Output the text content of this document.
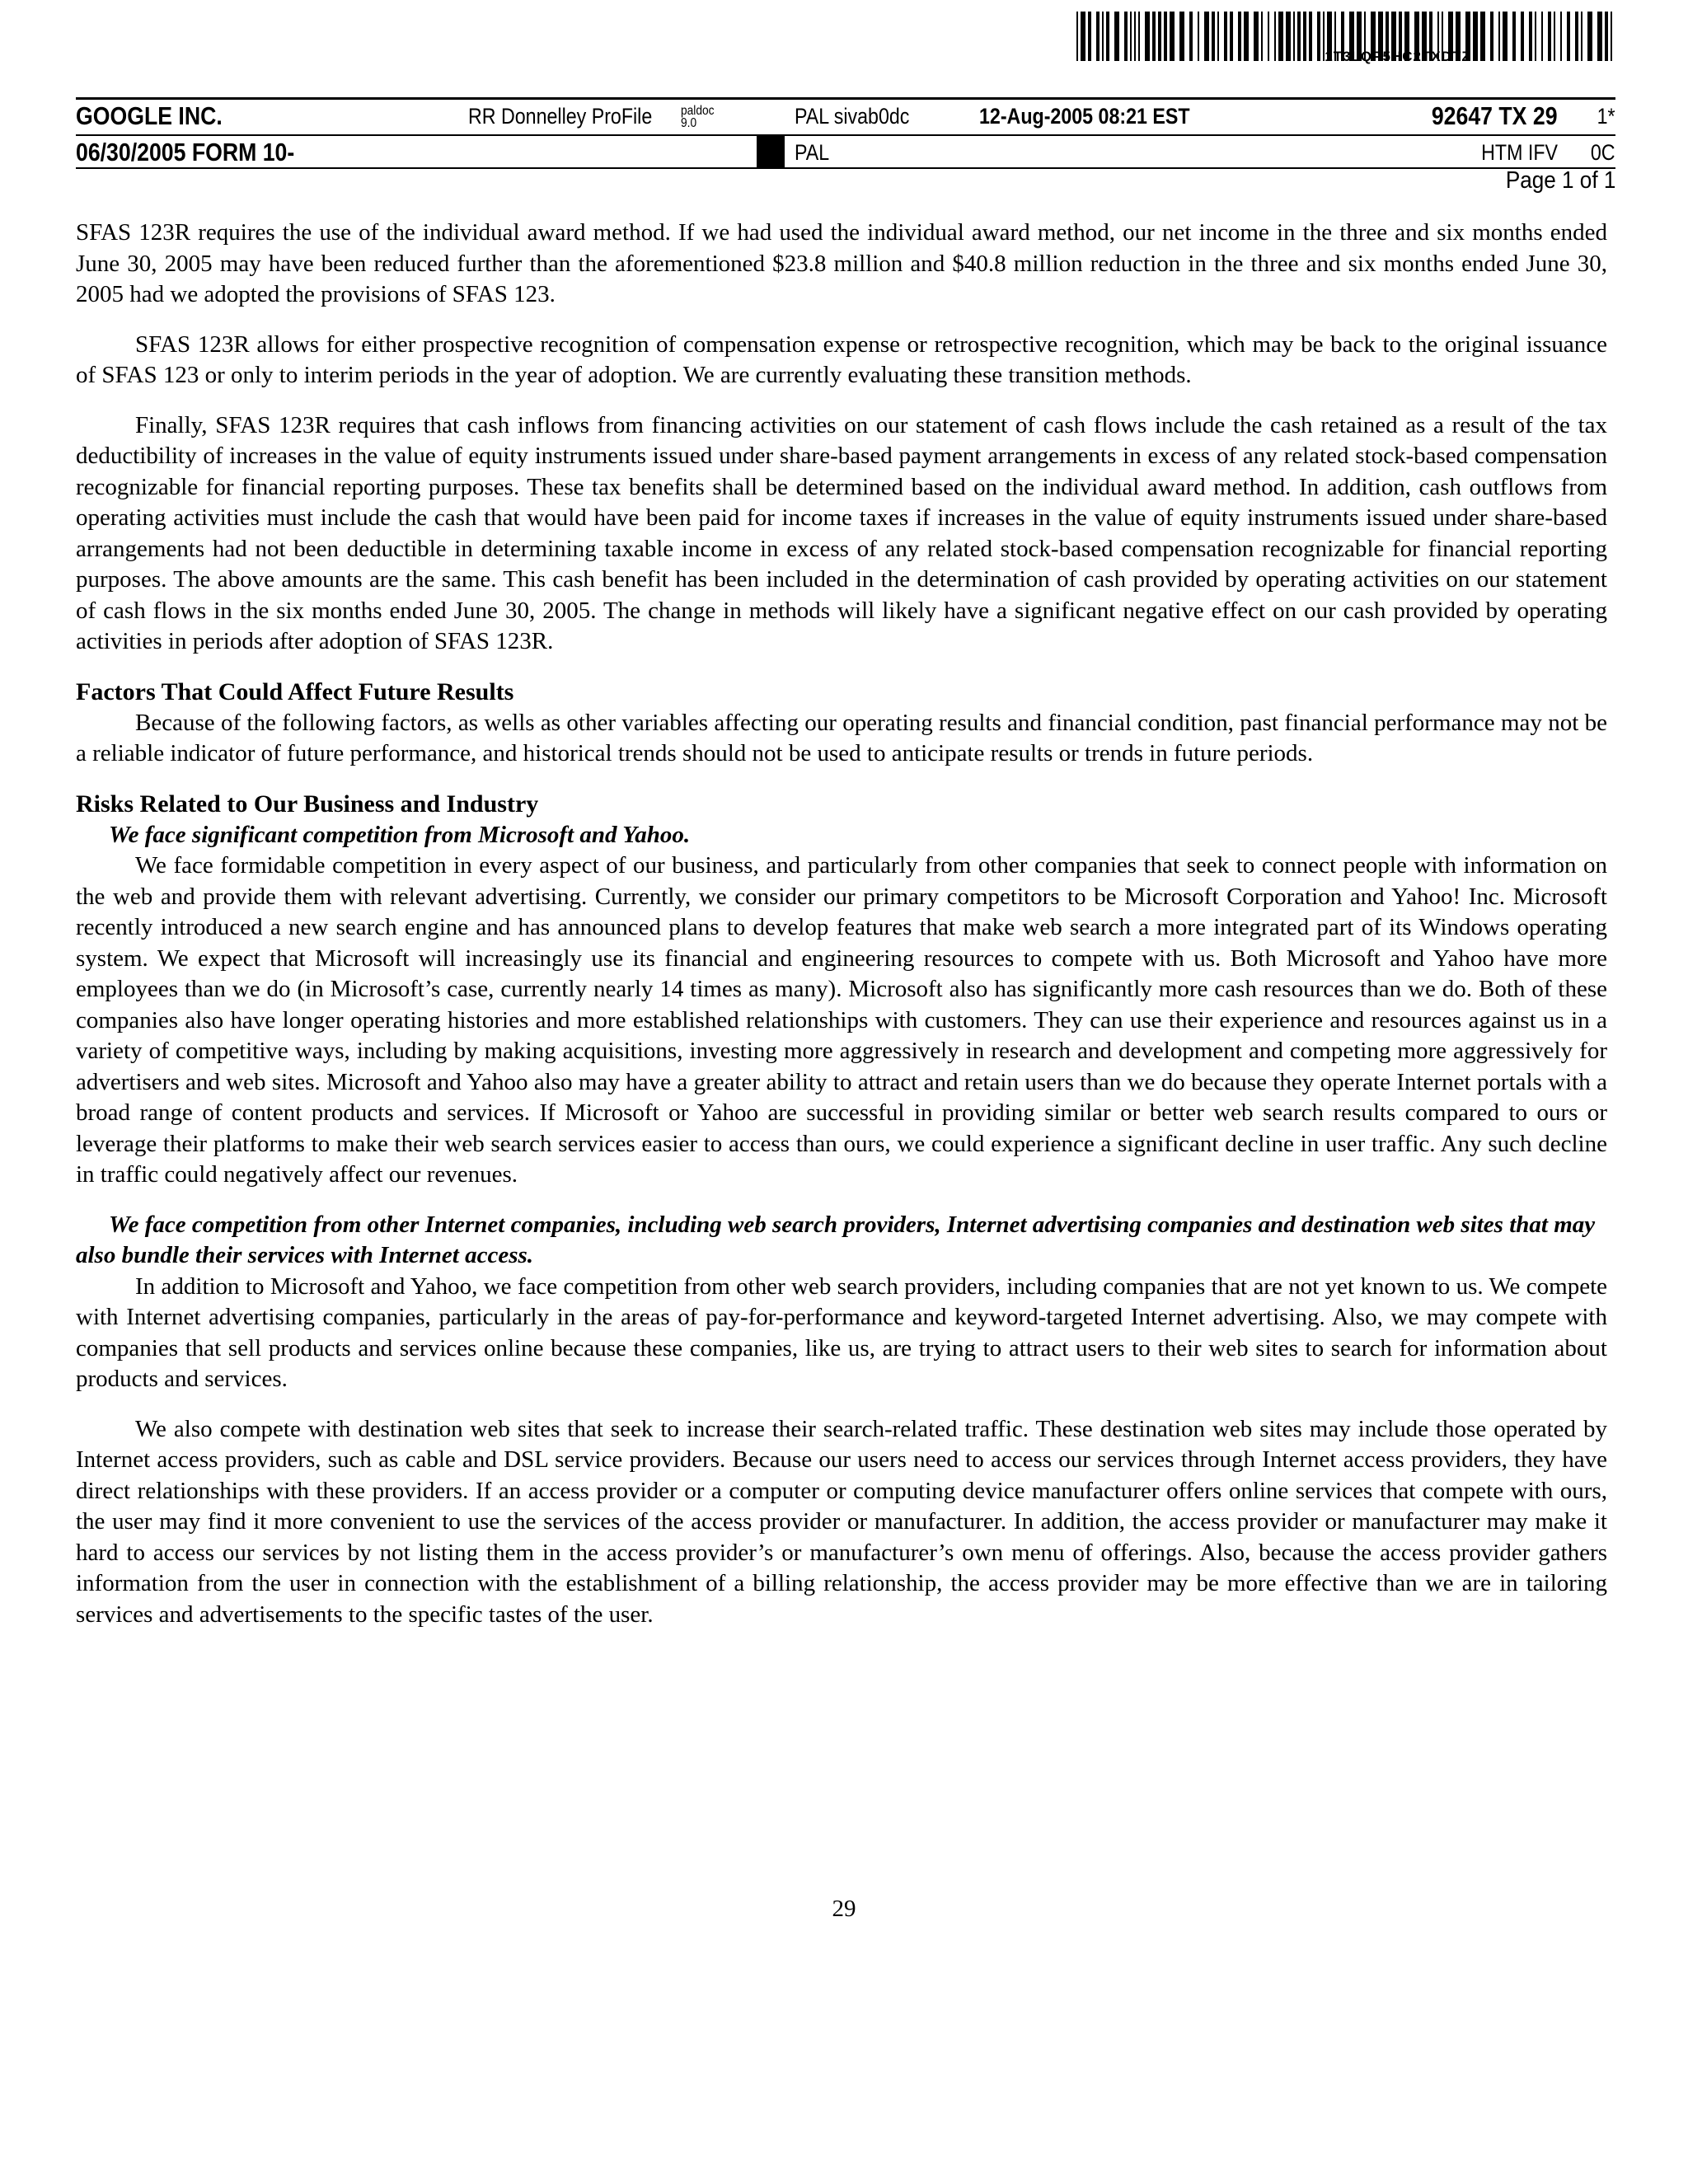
1T3LQP5HC2TXDTZ
GOOGLE INC.	RR Donnelley ProFile paldoc
9.0	PAL sivab0dc	12-Aug-2005 08:21 EST	92647 TX 29 1*
06/30/2005 FORM 10-	PAL	HTM IFV 0C
Page 1 of 1

SFAS 123R requires the use of the individual award method. If we had used the individual award method, our net income in the three and six months ended June 30, 2005 may have been reduced further than the aforementioned $23.8 million and $40.8 million reduction in the three and six months ended June 30, 2005 had we adopted the provisions of SFAS 123.

SFAS 123R allows for either prospective recognition of compensation expense or retrospective recognition, which may be back to the original issuance of SFAS 123 or only to interim periods in the year of adoption. We are currently evaluating these transition methods.

Finally, SFAS 123R requires that cash inflows from financing activities on our statement of cash flows include the cash retained as a result of the tax deductibility of increases in the value of equity instruments issued under share-based payment arrangements in excess of any related stock-based compensation recognizable for financial reporting purposes. These tax benefits shall be determined based on the individual award method. In addition, cash outflows from operating activities must include the cash that would have been paid for income taxes if increases in the value of equity instruments issued under share-based arrangements had not been deductible in determining taxable income in excess of any related stock-based compensation recognizable for financial reporting purposes. The above amounts are the same. This cash benefit has been included in the determination of cash provided by operating activities on our statement of cash flows in the six months ended June 30, 2005. The change in methods will likely have a significant negative effect on our cash provided by operating activities in periods after adoption of SFAS 123R.

Factors That Could Affect Future Results

Because of the following factors, as wells as other variables affecting our operating results and financial condition, past financial performance may not be a reliable indicator of future performance, and historical trends should not be used to anticipate results or trends in future periods.

Risks Related to Our Business and Industry
We face significant competition from Microsoft and Yahoo.

We face formidable competition in every aspect of our business, and particularly from other companies that seek to connect people with information on the web and provide them with relevant advertising. Currently, we consider our primary competitors to be Microsoft Corporation and Yahoo! Inc. Microsoft recently introduced a new search engine and has announced plans to develop features that make web search a more integrated part of its Windows operating system. We expect that Microsoft will increasingly use its financial and engineering resources to compete with us. Both Microsoft and Yahoo have more employees than we do (in Microsoft’s case, currently nearly 14 times as many). Microsoft also has significantly more cash resources than we do. Both of these companies also have longer operating histories and more established relationships with customers. They can use their experience and resources against us in a variety of competitive ways, including by making acquisitions, investing more aggressively in research and development and competing more aggressively for advertisers and web sites. Microsoft and Yahoo also may have a greater ability to attract and retain users than we do because they operate Internet portals with a broad range of content products and services. If Microsoft or Yahoo are successful in providing similar or better web search results compared to ours or leverage their platforms to make their web search services easier to access than ours, we could experience a significant decline in user traffic. Any such decline in traffic could negatively affect our revenues.

We face competition from other Internet companies, including web search providers, Internet advertising companies and destination web sites that may also bundle their services with Internet access.

In addition to Microsoft and Yahoo, we face competition from other web search providers, including companies that are not yet known to us. We compete with Internet advertising companies, particularly in the areas of pay-for-performance and keyword-targeted Internet advertising. Also, we may compete with companies that sell products and services online because these companies, like us, are trying to attract users to their web sites to search for information about products and services.

We also compete with destination web sites that seek to increase their search-related traffic. These destination web sites may include those operated by Internet access providers, such as cable and DSL service providers. Because our users need to access our services through Internet access providers, they have direct relationships with these providers. If an access provider or a computer or computing device manufacturer offers online services that compete with ours, the user may find it more convenient to use the services of the access provider or manufacturer. In addition, the access provider or manufacturer may make it hard to access our services by not listing them in the access provider’s or manufacturer’s own menu of offerings. Also, because the access provider gathers information from the user in connection with the establishment of a billing relationship, the access provider may be more effective than we are in tailoring services and advertisements to the specific tastes of the user.

29
